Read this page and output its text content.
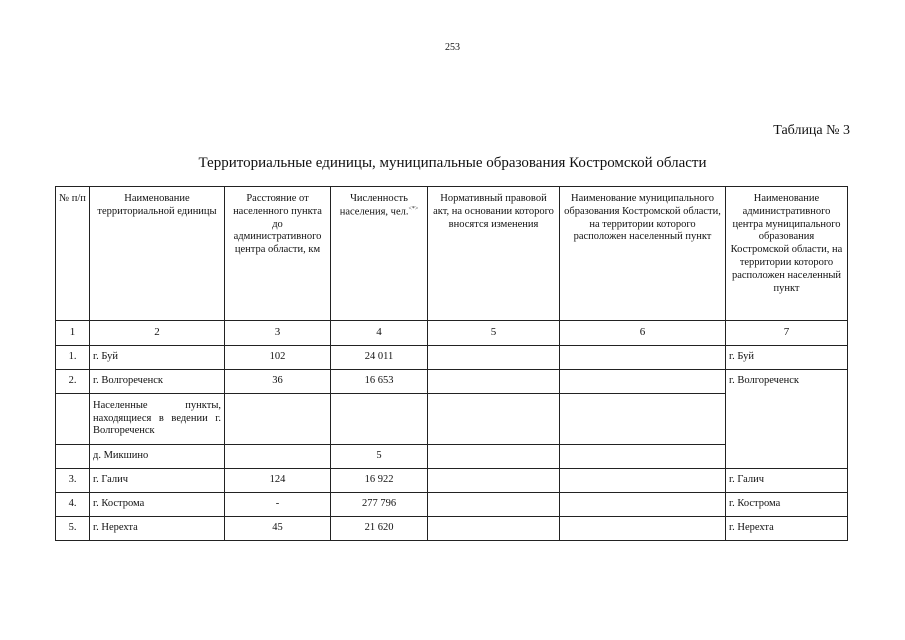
253
Таблица № 3
Территориальные единицы, муниципальные образования Костромской области
№ п/п	Наименование территориальной единицы	Расстояние от населенного пункта до административного центра области, км	Численность населения, чел.<*>	Нормативный правовой акт, на основании которого вносятся изменения	Наименование муниципального образования Костромской области, на территории которого расположен населенный пункт	Наименование административного центра муниципального образования Костромской области, на территории которого расположен населенный пункт
1	2	3	4	5	6	7
1.	г. Буй	102	24 011			г. Буй
2.	г. Волгореченск	36	16 653			г. Волгореченск
	Населенные пункты, находящиеся в ведении г. Волгореченск					
	д. Микшино		5			
3.	г. Галич	124	16 922			г. Галич
4.	г. Кострома	-	277 796			г. Кострома
5.	г. Нерехта	45	21 620			г. Нерехта
